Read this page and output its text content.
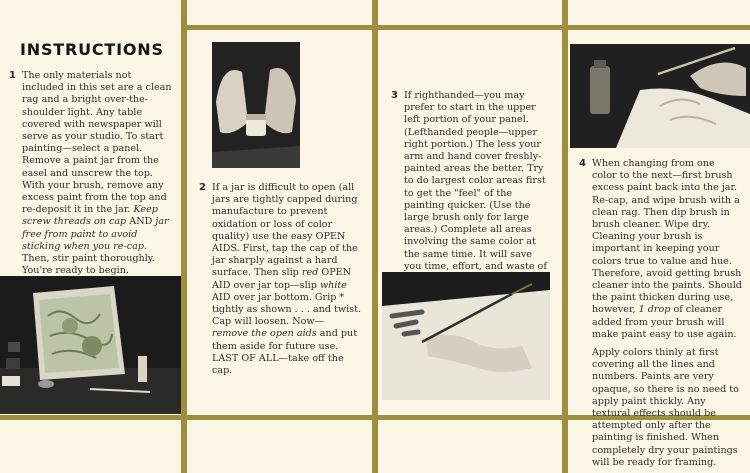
INSTRUCTIONS
1 The only materials not included in this set are a clean rag and a bright over-the-shoulder light. Any table covered with newspaper will serve as your studio. To start painting—select a panel. Remove a paint jar from the easel and unscrew the top. With your brush, remove any excess paint from the top and re-deposit it in the jar. Keep screw threads on cap AND jar free from paint to avoid sticking when you re-cap. Then, stir paint thoroughly. You're ready to begin.
2 If a jar is difficult to open (all jars are tightly capped during manufacture to prevent oxidation or loss of color quality) use the easy OPEN AIDS. First, tap the cap of the jar sharply against a hard surface. Then slip red OPEN AID over jar top—slip white AID over jar bottom. Grip * tightly as shown . . . and twist. Cap will loosen. Now— remove the open aids and put them aside for future use. LAST OF ALL—take off the cap.
3 If righthanded—you may prefer to start in the upper left portion of your panel. (Lefthanded people—upper right portion.) The less your arm and hand cover freshly-painted areas the better. Try to do largest color areas first to get the "feel" of the painting quicker. (Use the large brush only for large areas.) Complete all areas involving the same color at the same time. It will save you time, effort, and waste of
4 When changing from one color to the next—first brush excess paint back into the jar. Re-cap, and wipe brush with a clean rag. Then dip brush in brush cleaner. Wipe dry. Cleaning your brush is important in keeping your colors true to value and hue. Therefore, avoid getting brush cleaner into the paints. Should the paint thicken during use, however, 1 drop of cleaner added from your brush will make paint easy to use again.

Apply colors thinly at first covering all the lines and numbers. Paints are very opaque, so there is no need to apply paint thickly. Any textural effects should be attempted only after the painting is finished. When completely dry your paintings will be ready for framing.
